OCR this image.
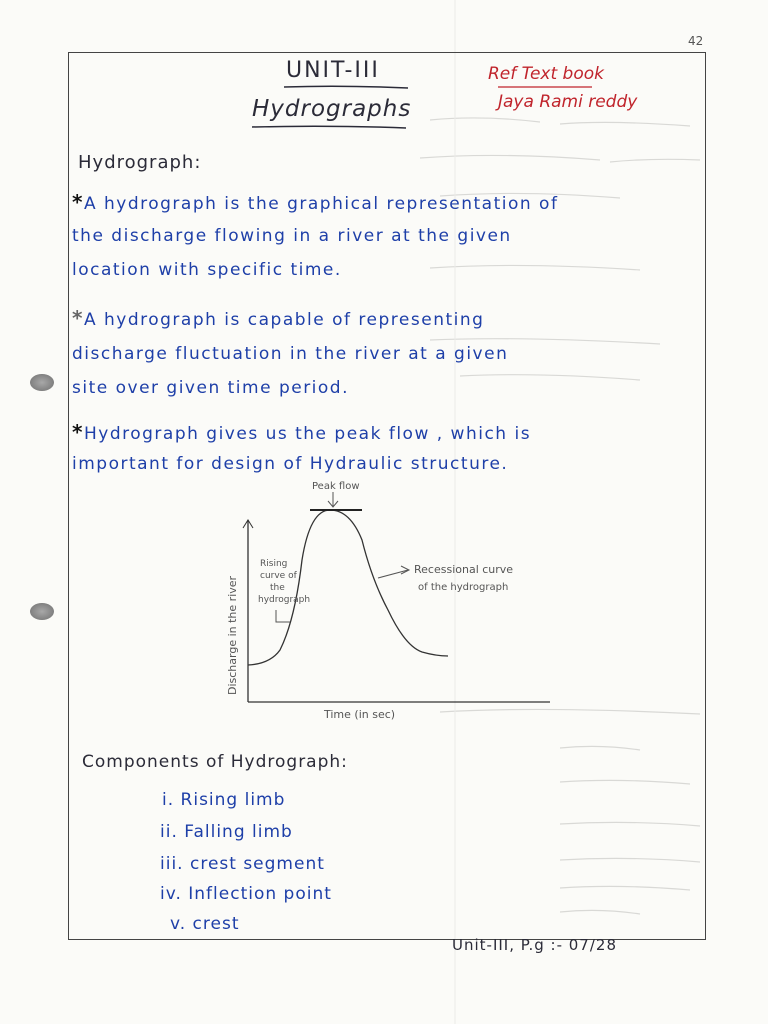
42
UNIT-III
Hydrographs
Ref Text book
Jaya Rami reddy
Hydrograph:
*A hydrograph is the graphical representation of
the discharge flowing in a river at the given
location with specific time.
*A hydrograph is capable of representing
discharge fluctuation in the river at a given
site over given time period.
*Hydrograph gives us the peak flow , which is
important for design of Hydraulic structure.
Peak flow
Recessional curve
of the hydrograph
Rising
curve of
the
hydrograph
Discharge in the river
Time (in sec)
Components of Hydrograph:
i. Rising limb
ii. Falling limb
iii. crest segment
iv. Inflection point
v. crest
Unit-III, P.g :- 07/28
